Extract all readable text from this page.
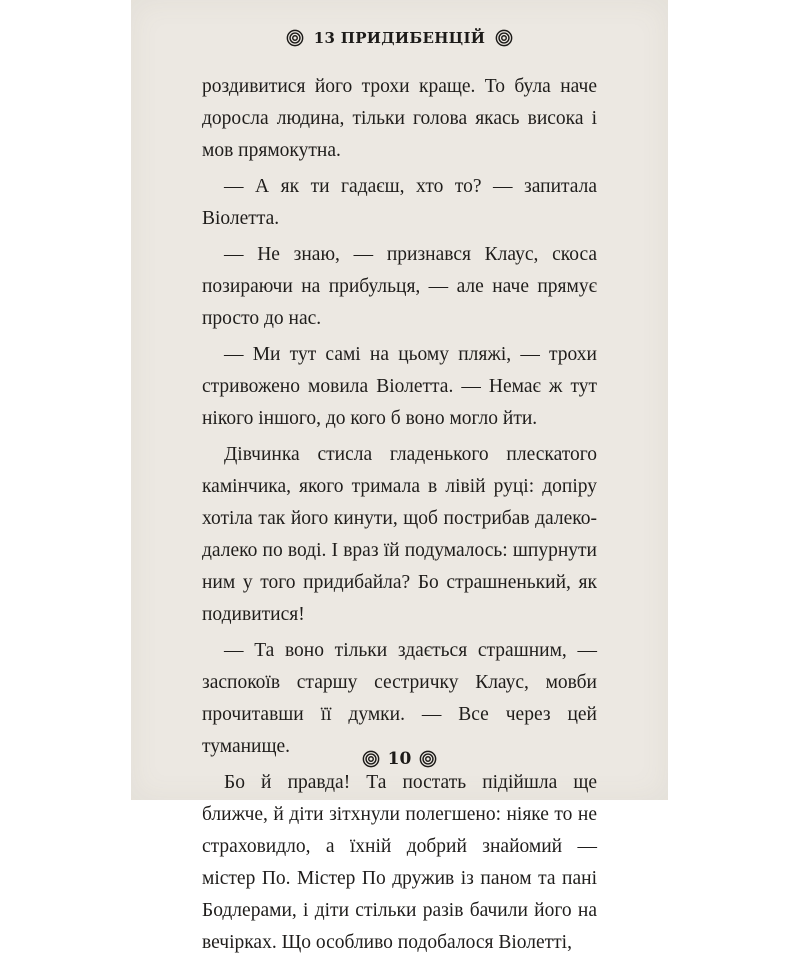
13 ПРИДИБЕНЦІЙ

роздивитися його трохи краще. То була наче доросла людина, тільки голова якась висока і мов прямокутна.

— А як ти гадаєш, хто то? — запитала Віолетта.

— Не знаю, — признався Клаус, скоса позираючи на прибульця, — але наче прямує просто до нас.

— Ми тут самі на цьому пляжі, — трохи стривожено мовила Віолетта. — Немає ж тут нікого іншого, до кого б воно могло йти.

Дівчинка стисла гладенького плескатого камінчика, якого тримала в лівій руці: допіру хотіла так його кинути, щоб пострибав далеко-далеко по воді. І враз їй подумалось: шпурнути ним у того придибайла? Бо страшненький, як подивитися!

— Та воно тільки здається страшним, — заспокоїв старшу сестричку Клаус, мовби прочитавши її думки. — Все через цей туманище.

Бо й правда! Та постать підійшла ще ближче, й діти зітхнули полегшено: ніяке то не страховидло, а їхній добрий знайомий — містер По. Містер По дружив із паном та пані Бодлерами, і діти стільки разів бачили його на вечірках. Що особливо подобалося Віолетті,

10
